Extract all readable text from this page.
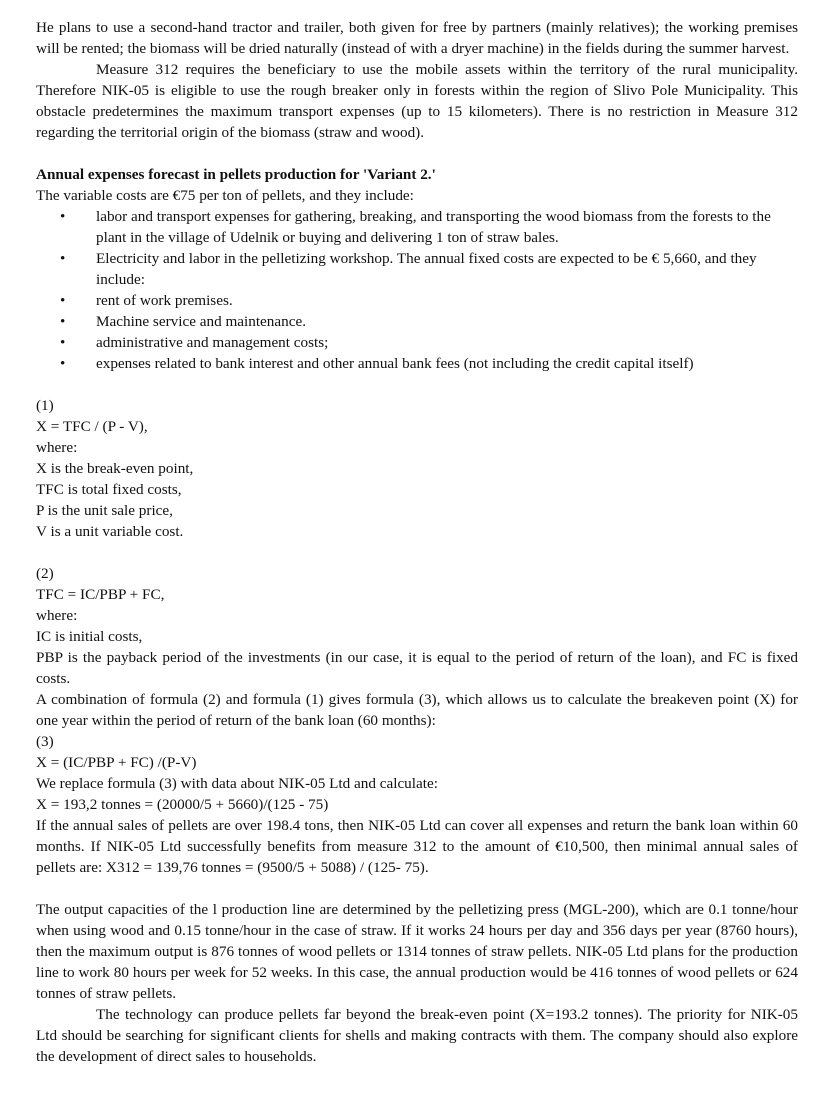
He plans to use a second-hand tractor and trailer, both given for free by partners (mainly relatives); the working premises will be rented; the biomass will be dried naturally (instead of with a dryer machine) in the fields during the summer harvest.

Measure 312 requires the beneficiary to use the mobile assets within the territory of the rural municipality. Therefore NIK-05 is eligible to use the rough breaker only in forests within the region of Slivo Pole Municipality. This obstacle predetermines the maximum transport expenses (up to 15 kilometers). There is no restriction in Measure 312 regarding the territorial origin of the biomass (straw and wood).

Annual expenses forecast in pellets production for 'Variant 2.'

The variable costs are €75 per ton of pellets, and they include:

• labor and transport expenses for gathering, breaking, and transporting the wood biomass from the forests to the plant in the village of Udelnik or buying and delivering 1 ton of straw bales.
• Electricity and labor in the pelletizing workshop. The annual fixed costs are expected to be € 5,660, and they include:
• rent of work premises.
• Machine service and maintenance.
• administrative and management costs;
• expenses related to bank interest and other annual bank fees (not including the credit capital itself)

(1)

X = TFC / (P - V),

where:

X is the break-even point,

TFC is total fixed costs,

P is the unit sale price,

V is a unit variable cost.

(2)

TFC = IC/PBP + FC,

where:

IC is initial costs,

PBP is the payback period of the investments (in our case, it is equal to the period of return of the loan), and FC is fixed costs.

A combination of formula (2) and formula (1) gives formula (3), which allows us to calculate the breakeven point (X) for one year within the period of return of the bank loan (60 months):

(3)

X = (IC/PBP + FC) /(P-V)

We replace formula (3) with data about NIK-05 Ltd and calculate:

X = 193,2 tonnes = (20000/5 + 5660)/(125 - 75)

If the annual sales of pellets are over 198.4 tons, then NIK-05 Ltd can cover all expenses and return the bank loan within 60 months. If NIK-05 Ltd successfully benefits from measure 312 to the amount of €10,500, then minimal annual sales of pellets are: X312 = 139,76 tonnes = (9500/5 + 5088) / (125- 75).

The output capacities of the l production line are determined by the pelletizing press (MGL-200), which are 0.1 tonne/hour when using wood and 0.15 tonne/hour in the case of straw. If it works 24 hours per day and 356 days per year (8760 hours), then the maximum output is 876 tonnes of wood pellets or 1314 tonnes of straw pellets. NIK-05 Ltd plans for the production line to work 80 hours per week for 52 weeks. In this case, the annual production would be 416 tonnes of wood pellets or 624 tonnes of straw pellets.

The technology can produce pellets far beyond the break-even point (X=193.2 tonnes). The priority for NIK-05 Ltd should be searching for significant clients for shells and making contracts with them. The company should also explore the development of direct sales to households.
